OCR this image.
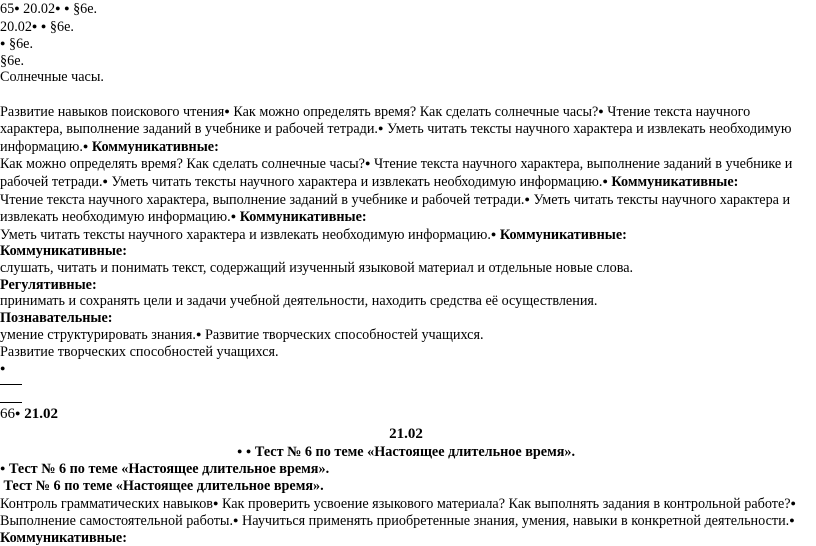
65 ● 20.02 ● ● §6е.
20.02 ● ● §6е.
● §6е.
§6е.
Солнечные часы.
Развитие навыков поискового чтения● Как можно определять время? Как сделать солнечные часы?● Чтение текста научного характера, выполнение заданий в учебнике и рабочей тетради.● Уметь читать тексты научного характера и извлекать необходимую информацию.● Коммуникативные:
Как можно определять время? Как сделать солнечные часы?● Чтение текста научного характера, выполнение заданий в учебнике и рабочей тетради.● Уметь читать тексты научного характера и извлекать необходимую информацию.● Коммуникативные:
Чтение текста научного характера, выполнение заданий в учебнике и рабочей тетради.● Уметь читать тексты научного характера и извлекать необходимую информацию.● Коммуникативные:
Уметь читать тексты научного характера и извлекать необходимую информацию.● Коммуникативные:
Коммуникативные:
слушать, читать и понимать текст, содержащий изученный языковой материал и отдельные новые слова.
Регулятивные:
принимать и сохранять цели и задачи учебной деятельности, находить средства её осуществления.
Познавательные:
умение структурировать знания.● Развитие творческих способностей учащихся.
Развитие творческих способностей учащихся.
●
66 ● 21.02
21.02
● ● Тест № 6 по теме «Настоящее длительное время».
● Тест № 6 по теме «Настоящее длительное время».
Тест № 6 по теме «Настоящее длительное время».
Контроль грамматических навыков● Как проверить усвоение языкового материала? Как выполнять задания в контрольной работе?● Выполнение самостоятельной работы.● Научиться применять приобретенные знания, умения, навыки в конкретной деятельности.● Коммуникативные:
